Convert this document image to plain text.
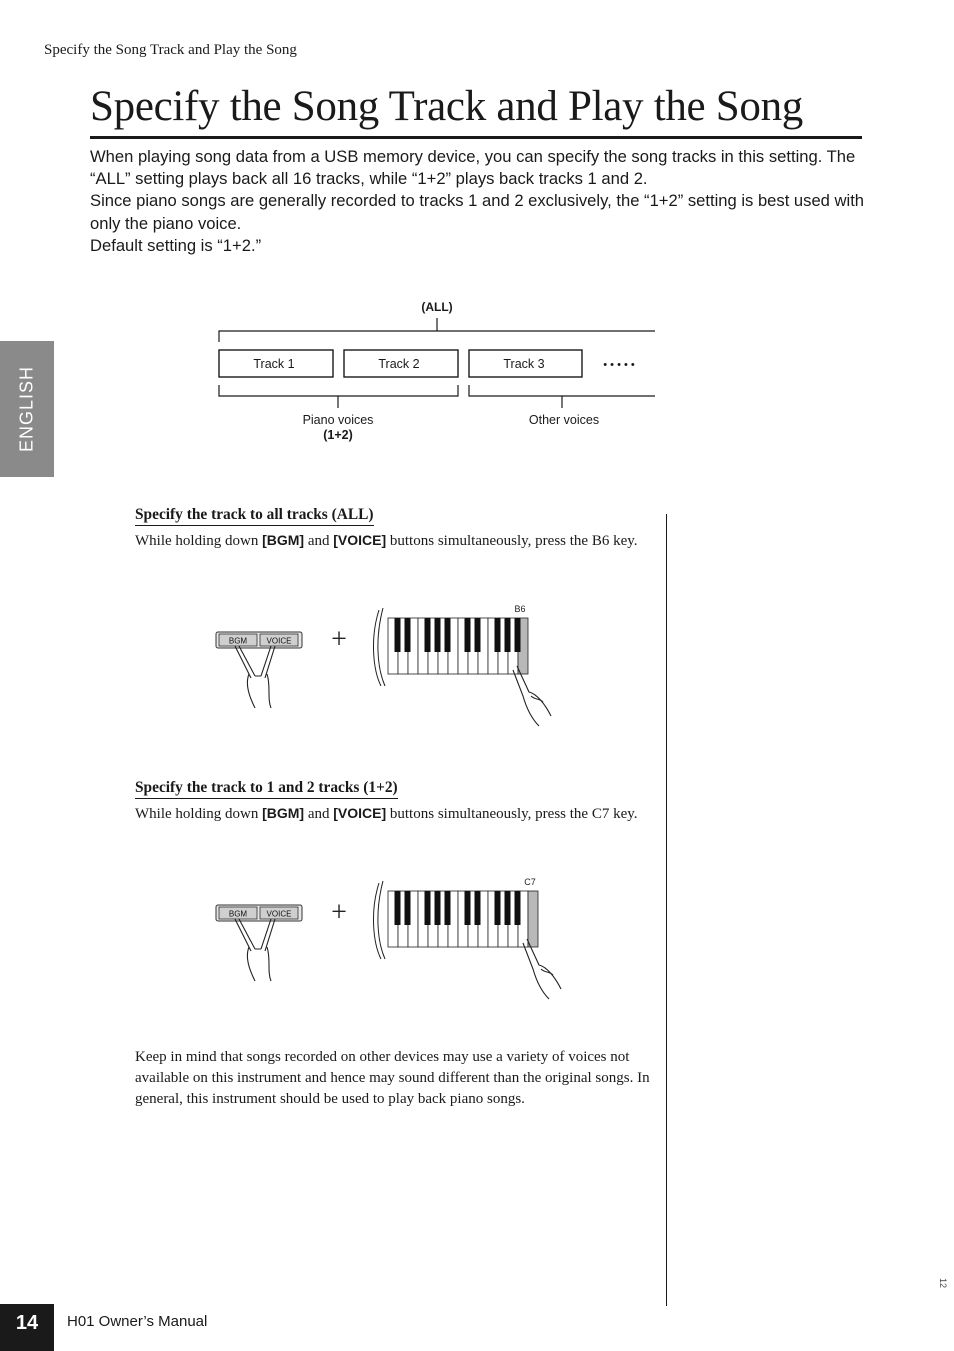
Specify the Song Track and Play the Song
Specify the Song Track and Play the Song

When playing song data from a USB memory device, you can specify the song tracks in this setting. The “ALL” setting plays back all 16 tracks, while “1+2” plays back tracks 1 and 2.

Since piano songs are generally recorded to tracks 1 and 2 exclusively, the “1+2” setting is best used with only the piano voice.

Default setting is “1+2.”

ENGLISH
(ALL)
Track 1	Track 2	Track 3	• • • • •
Piano voices
(1+2)
Other voices
Specify the track to all tracks (ALL)
While holding down [BGM] and [VOICE] buttons simultaneously, press the B6 key.
BGM VOICE +
B6
Specify the track to 1 and 2 tracks (1+2)
While holding down [BGM] and [VOICE] buttons simultaneously, press the C7 key.
BGM VOICE +
C7
Keep in mind that songs recorded on other devices may use a variety of voices not available on this instrument and hence may sound different than the original songs. In general, this instrument should be used to play back piano songs.
14	H01 Owner’s Manual
12
